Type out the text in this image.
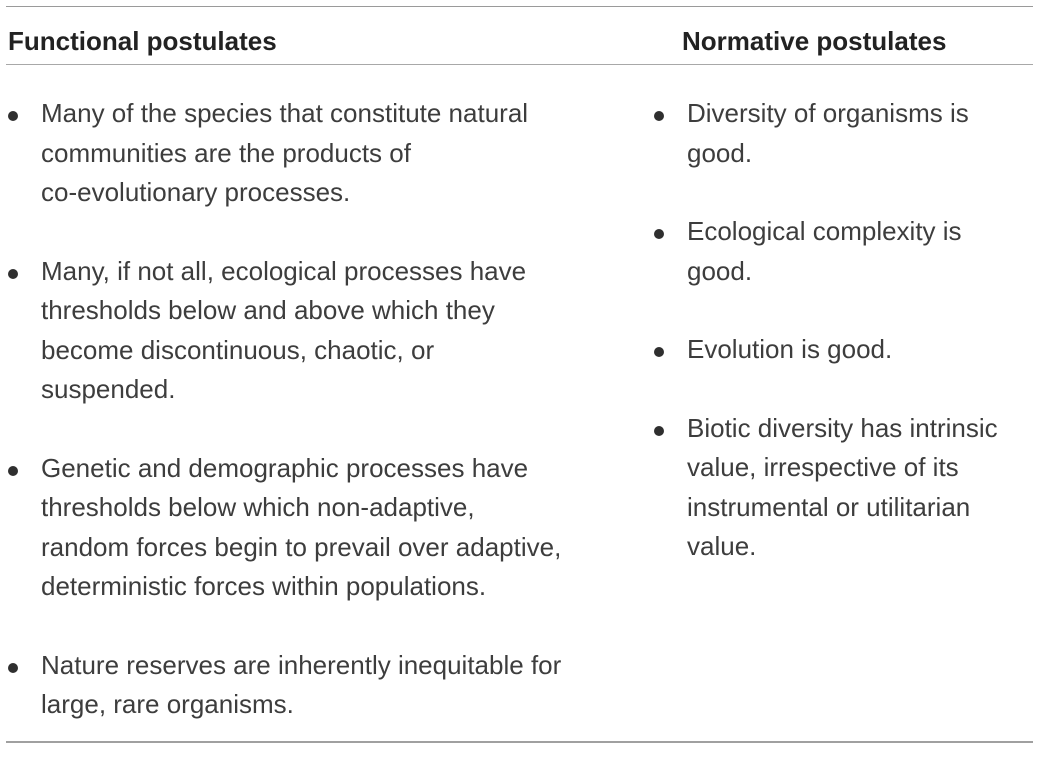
Functional postulates	Normative postulates
Many of the species that constitute natural
communities are the products of
co-evolutionary processes.
Many, if not all, ecological processes have
thresholds below and above which they
become discontinuous, chaotic, or
suspended.
Genetic and demographic processes have
thresholds below which non-adaptive,
random forces begin to prevail over adaptive,
deterministic forces within populations.
Nature reserves are inherently inequitable for
large, rare organisms.
Diversity of organisms is
good.
Ecological complexity is
good.
Evolution is good.
Biotic diversity has intrinsic
value, irrespective of its
instrumental or utilitarian
value.
